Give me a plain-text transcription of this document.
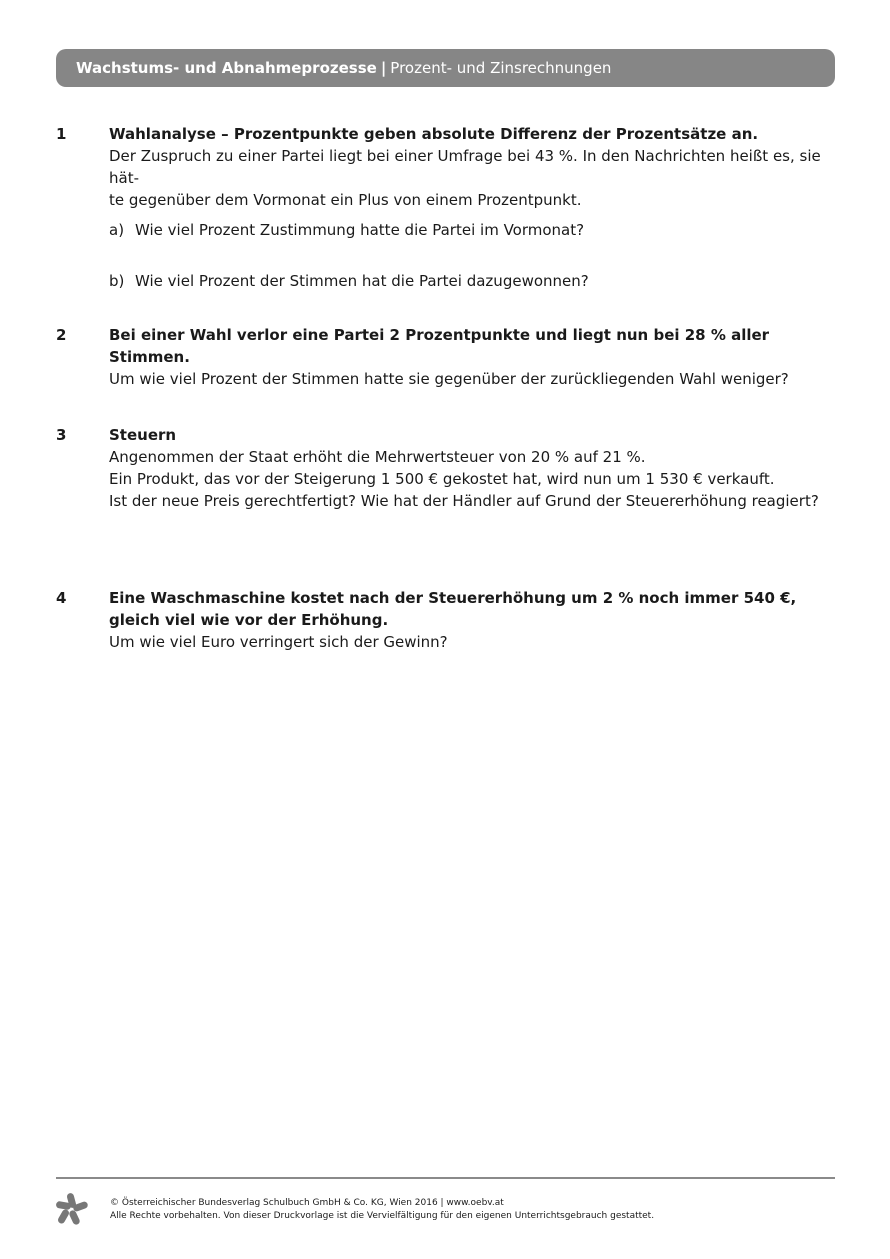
Wachstums- und Abnahmeprozesse | Prozent- und Zinsrechnungen
1	Wahlanalyse – Prozentpunkte geben absolute Differenz der Prozentsätze an.

Der Zuspruch zu einer Partei liegt bei einer Umfrage bei 43 %. In den Nachrichten heißt es, sie hät-

te gegenüber dem Vormonat ein Plus von einem Prozentpunkt.

a) Wie viel Prozent Zustimmung hatte die Partei im Vormonat?
b) Wie viel Prozent der Stimmen hat die Partei dazugewonnen?
2	Bei einer Wahl verlor eine Partei 2 Prozentpunkte und liegt nun bei 28 % aller Stimmen.

Um wie viel Prozent der Stimmen hatte sie gegenüber der zurückliegenden Wahl weniger?

3	Steuern

Angenommen der Staat erhöht die Mehrwertsteuer von 20 % auf 21 %.

Ein Produkt, das vor der Steigerung 1 500 € gekostet hat, wird nun um 1 530 € verkauft.

Ist der neue Preis gerechtfertigt? Wie hat der Händler auf Grund der Steuererhöhung reagiert?

4	Eine Waschmaschine kostet nach der Steuererhöhung um 2 % noch immer 540 €,

gleich viel wie vor der Erhöhung.

Um wie viel Euro verringert sich der Gewinn?

© Österreichischer Bundesverlag Schulbuch GmbH & Co. KG, Wien 2016 | www.oebv.at
Alle Rechte vorbehalten. Von dieser Druckvorlage ist die Vervielfältigung für den eigenen Unterrichtsgebrauch gestattet.
